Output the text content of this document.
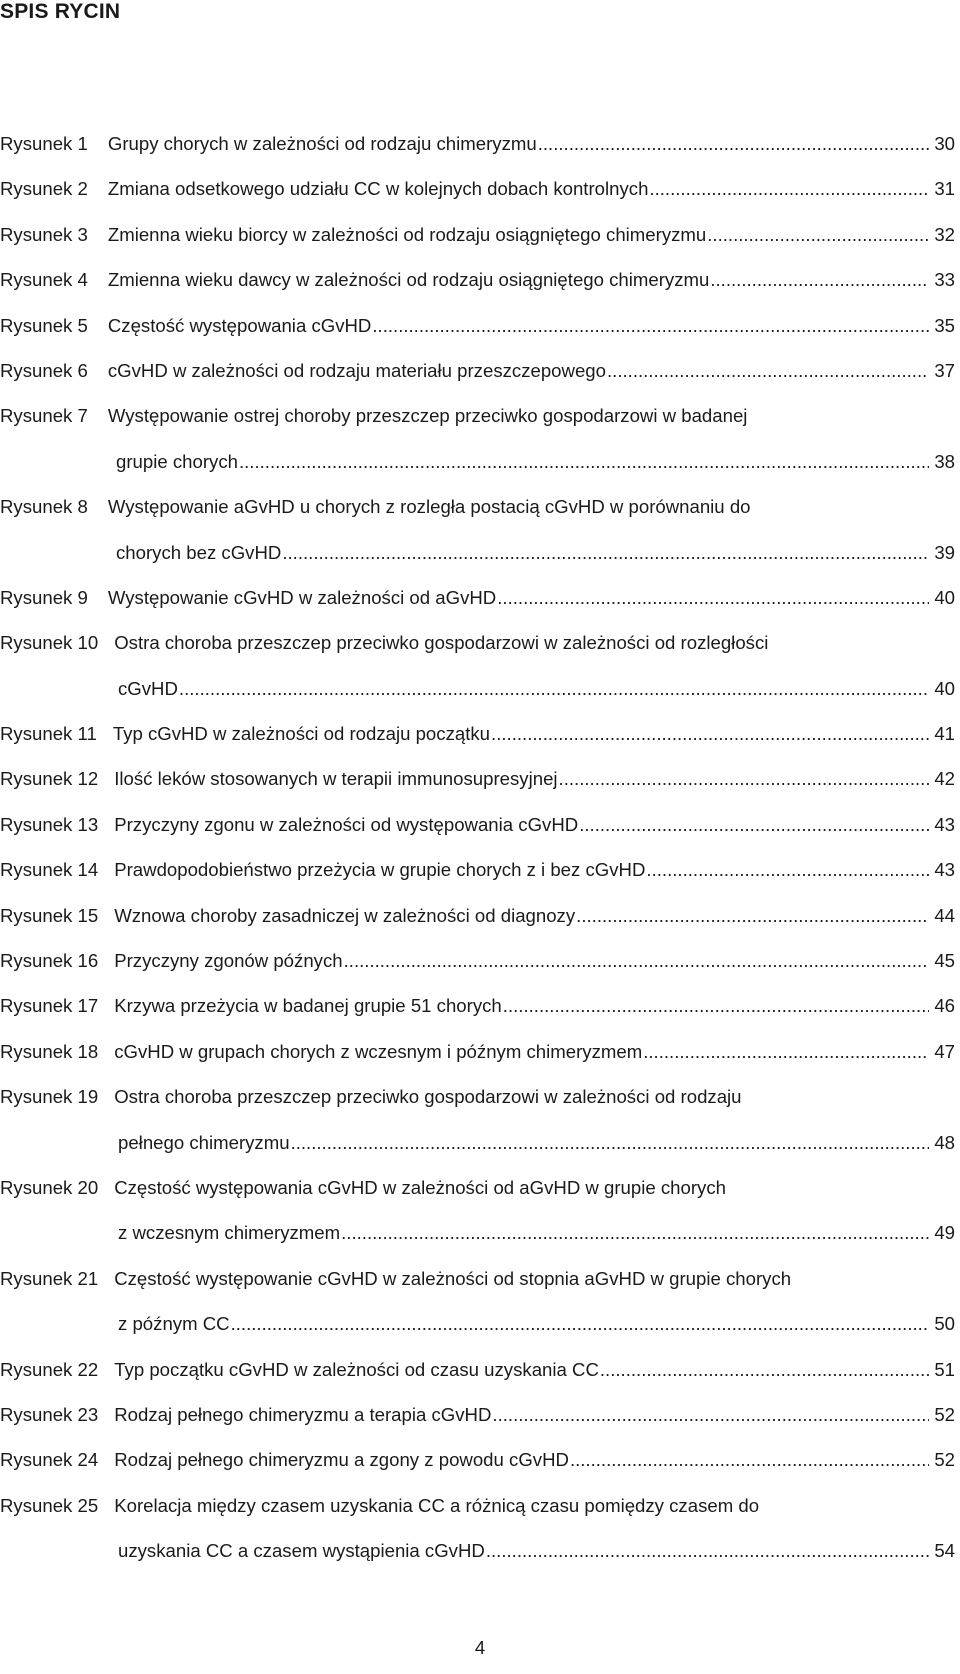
SPIS RYCIN
Rysunek 1 Grupy chorych w zależności od rodzaju chimeryzmu .....	30
Rysunek 2 Zmiana odsetkowego udziału CC w kolejnych dobach kontrolnych .....	31
Rysunek 3 Zmienna wieku biorcy w zależności od rodzaju osiągniętego chimeryzmu .....	32
Rysunek 4 Zmienna wieku dawcy w zależności od rodzaju osiągniętego chimeryzmu .....	33
Rysunek 5 Częstość występowania cGvHD .....	35
Rysunek 6 cGvHD w zależności od rodzaju materiału przeszczepowego .....	37
Rysunek 7 Występowanie ostrej choroby przeszczep przeciwko gospodarzowi w badanej
grupie chorych .....	38
Rysunek 8 Występowanie aGvHD u chorych z rozległa postacią cGvHD w porównaniu do
chorych bez cGvHD .....	39
Rysunek 9 Występowanie cGvHD w zależności od aGvHD .....	40
Rysunek 10 Ostra choroba przeszczep przeciwko gospodarzowi w zależności od rozległości
cGvHD .....	40
Rysunek 11 Typ cGvHD w zależności od rodzaju początku .....	41
Rysunek 12 Ilość leków stosowanych w terapii immunosupresyjnej .....	42
Rysunek 13 Przyczyny zgonu w zależności od występowania cGvHD .....	43
Rysunek 14 Prawdopodobieństwo przeżycia w grupie chorych z i bez cGvHD .....	43
Rysunek 15 Wznowa choroby zasadniczej w zależności od diagnozy .....	44
Rysunek 16 Przyczyny zgonów późnych .....	45
Rysunek 17 Krzywa przeżycia w badanej grupie 51 chorych .....	46
Rysunek 18 cGvHD w grupach chorych z wczesnym i późnym chimeryzmem .....	47
Rysunek 19 Ostra choroba przeszczep przeciwko gospodarzowi w zależności od rodzaju
pełnego chimeryzmu .....	48
Rysunek 20 Częstość występowania cGvHD w zależności od aGvHD w grupie chorych
z wczesnym chimeryzmem .....	49
Rysunek 21 Częstość występowanie cGvHD w zależności od stopnia aGvHD w grupie chorych
z późnym CC .....	50
Rysunek 22 Typ początku cGvHD w zależności od czasu uzyskania CC .....	51
Rysunek 23 Rodzaj pełnego chimeryzmu a terapia cGvHD .....	52
Rysunek 24 Rodzaj pełnego chimeryzmu a zgony z powodu cGvHD .....	52
Rysunek 25 Korelacja między czasem uzyskania CC a różnicą czasu pomiędzy czasem do
uzyskania CC a czasem wystąpienia cGvHD .....	54
4
